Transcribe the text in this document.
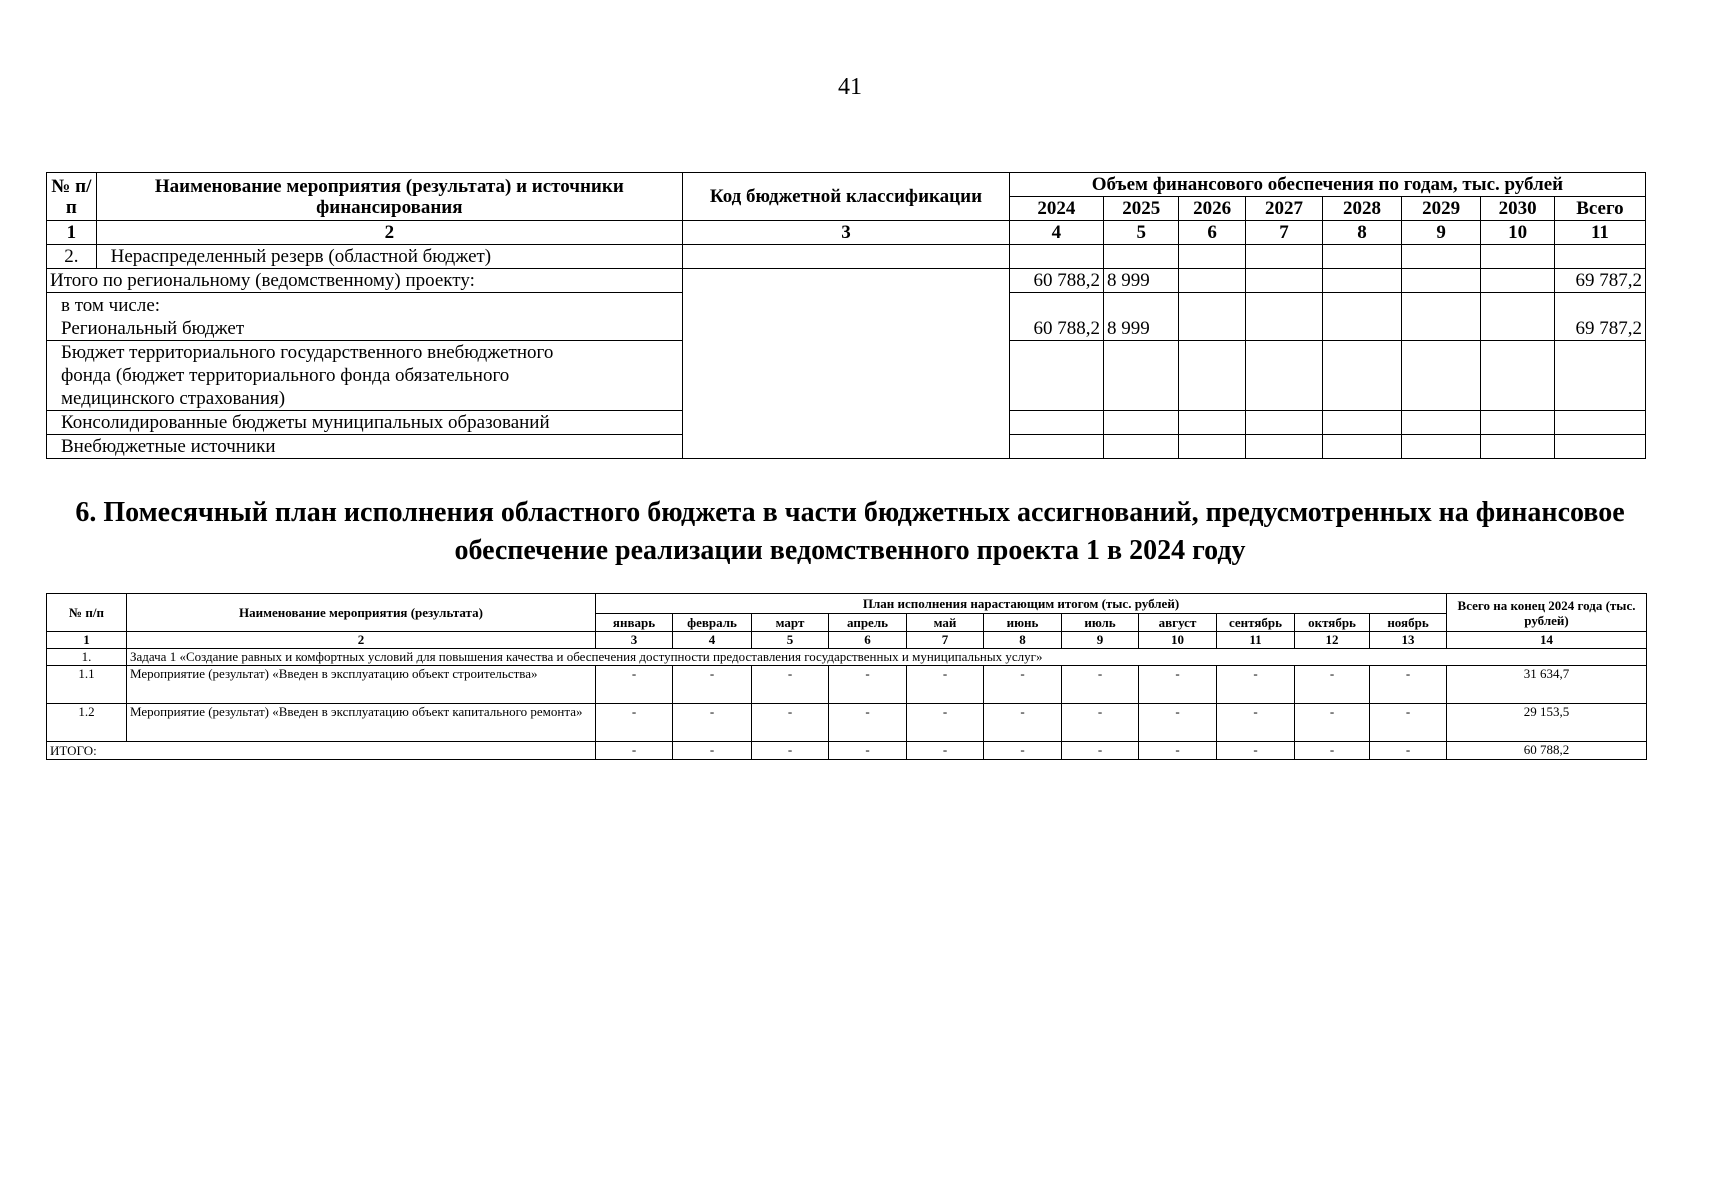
41
№ п/п	Наименование мероприятия (результата) и источники финансирования	Код бюджетной классификации	Объем финансового обеспечения по годам, тыс. рублей							
			2024	2025	2026	2027	2028	2029	2030	Всего
1	2	3	4	5	6	7	8	9	10	11
2.	Нераспределенный резерв (областной бюджет)									
Итого по региональному (ведомственному) проекту:			60 788,2	8 999						69 787,2
в том числе:
Региональный бюджет			60 788,2	8 999						69 787,2
Бюджет территориального государственного внебюджетного фонда (бюджет территориального фонда обязательного медицинского страхования)										
Консолидированные бюджеты муниципальных образований										
Внебюджетные источники										
6. Помесячный план исполнения областного бюджета в части бюджетных ассигнований, предусмотренных на финансовое обеспечение реализации ведомственного проекта 1 в 2024 году
№ п/п	Наименование мероприятия (результата)	План исполнения нарастающим итогом (тыс. рублей)											Всего на конец 2024 года (тыс. рублей)
		январь	февраль	март	апрель	май	июнь	июль	август	сентябрь	октябрь	ноябрь	
1	2	3	4	5	6	7	8	9	10	11	12	13	14
1.	Задача 1 «Создание равных и комфортных условий для повышения качества и обеспечения доступности предоставления государственных и муниципальных услуг»												
1.1	Мероприятие (результат) «Введен в эксплуатацию объект строительства»	-	-	-	-	-	-	-	-	-	-	-	31 634,7
1.2	Мероприятие (результат) «Введен в эксплуатацию объект капитального ремонта»	-	-	-	-	-	-	-	-	-	-	-	29 153,5
ИТОГО:		-	-	-	-	-	-	-	-	-	-	-	60 788,2
